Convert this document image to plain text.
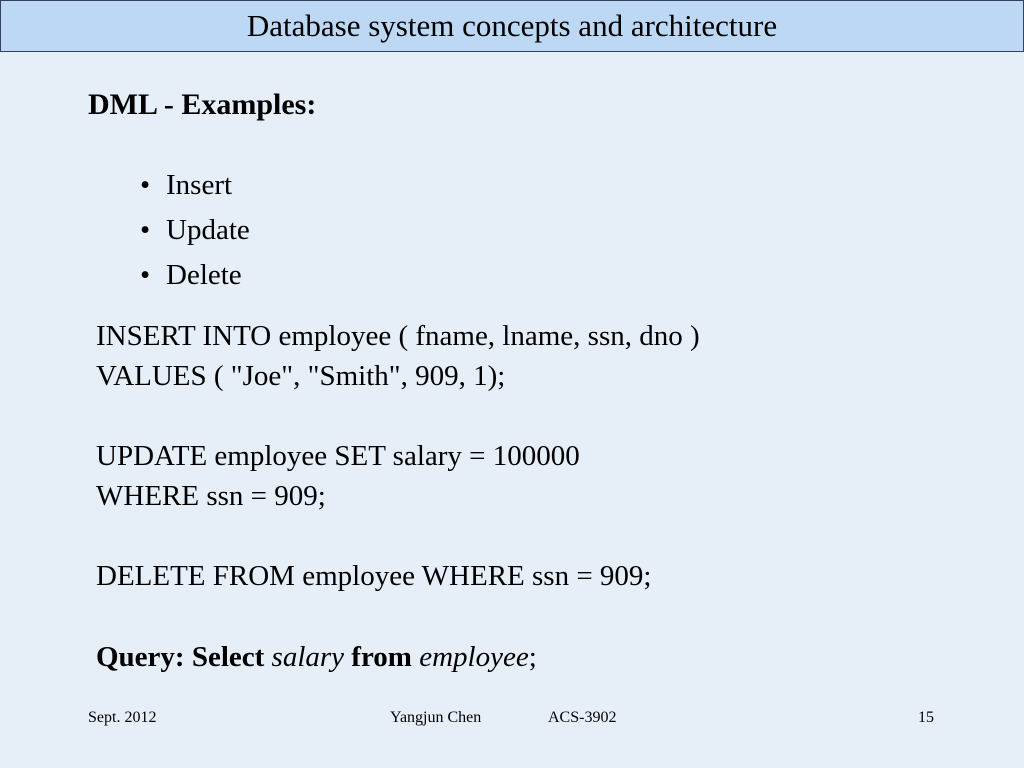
Database system concepts and architecture
DML - Examples:
• Insert
• Update
• Delete
INSERT INTO employee ( fname, lname, ssn, dno )
VALUES ( "Joe", "Smith", 909, 1);
UPDATE employee SET salary = 100000
WHERE ssn = 909;
DELETE FROM employee WHERE ssn = 909;
Query: Select salary from employee;
Sept. 2012	Yangjun Chen	ACS-3902	15
